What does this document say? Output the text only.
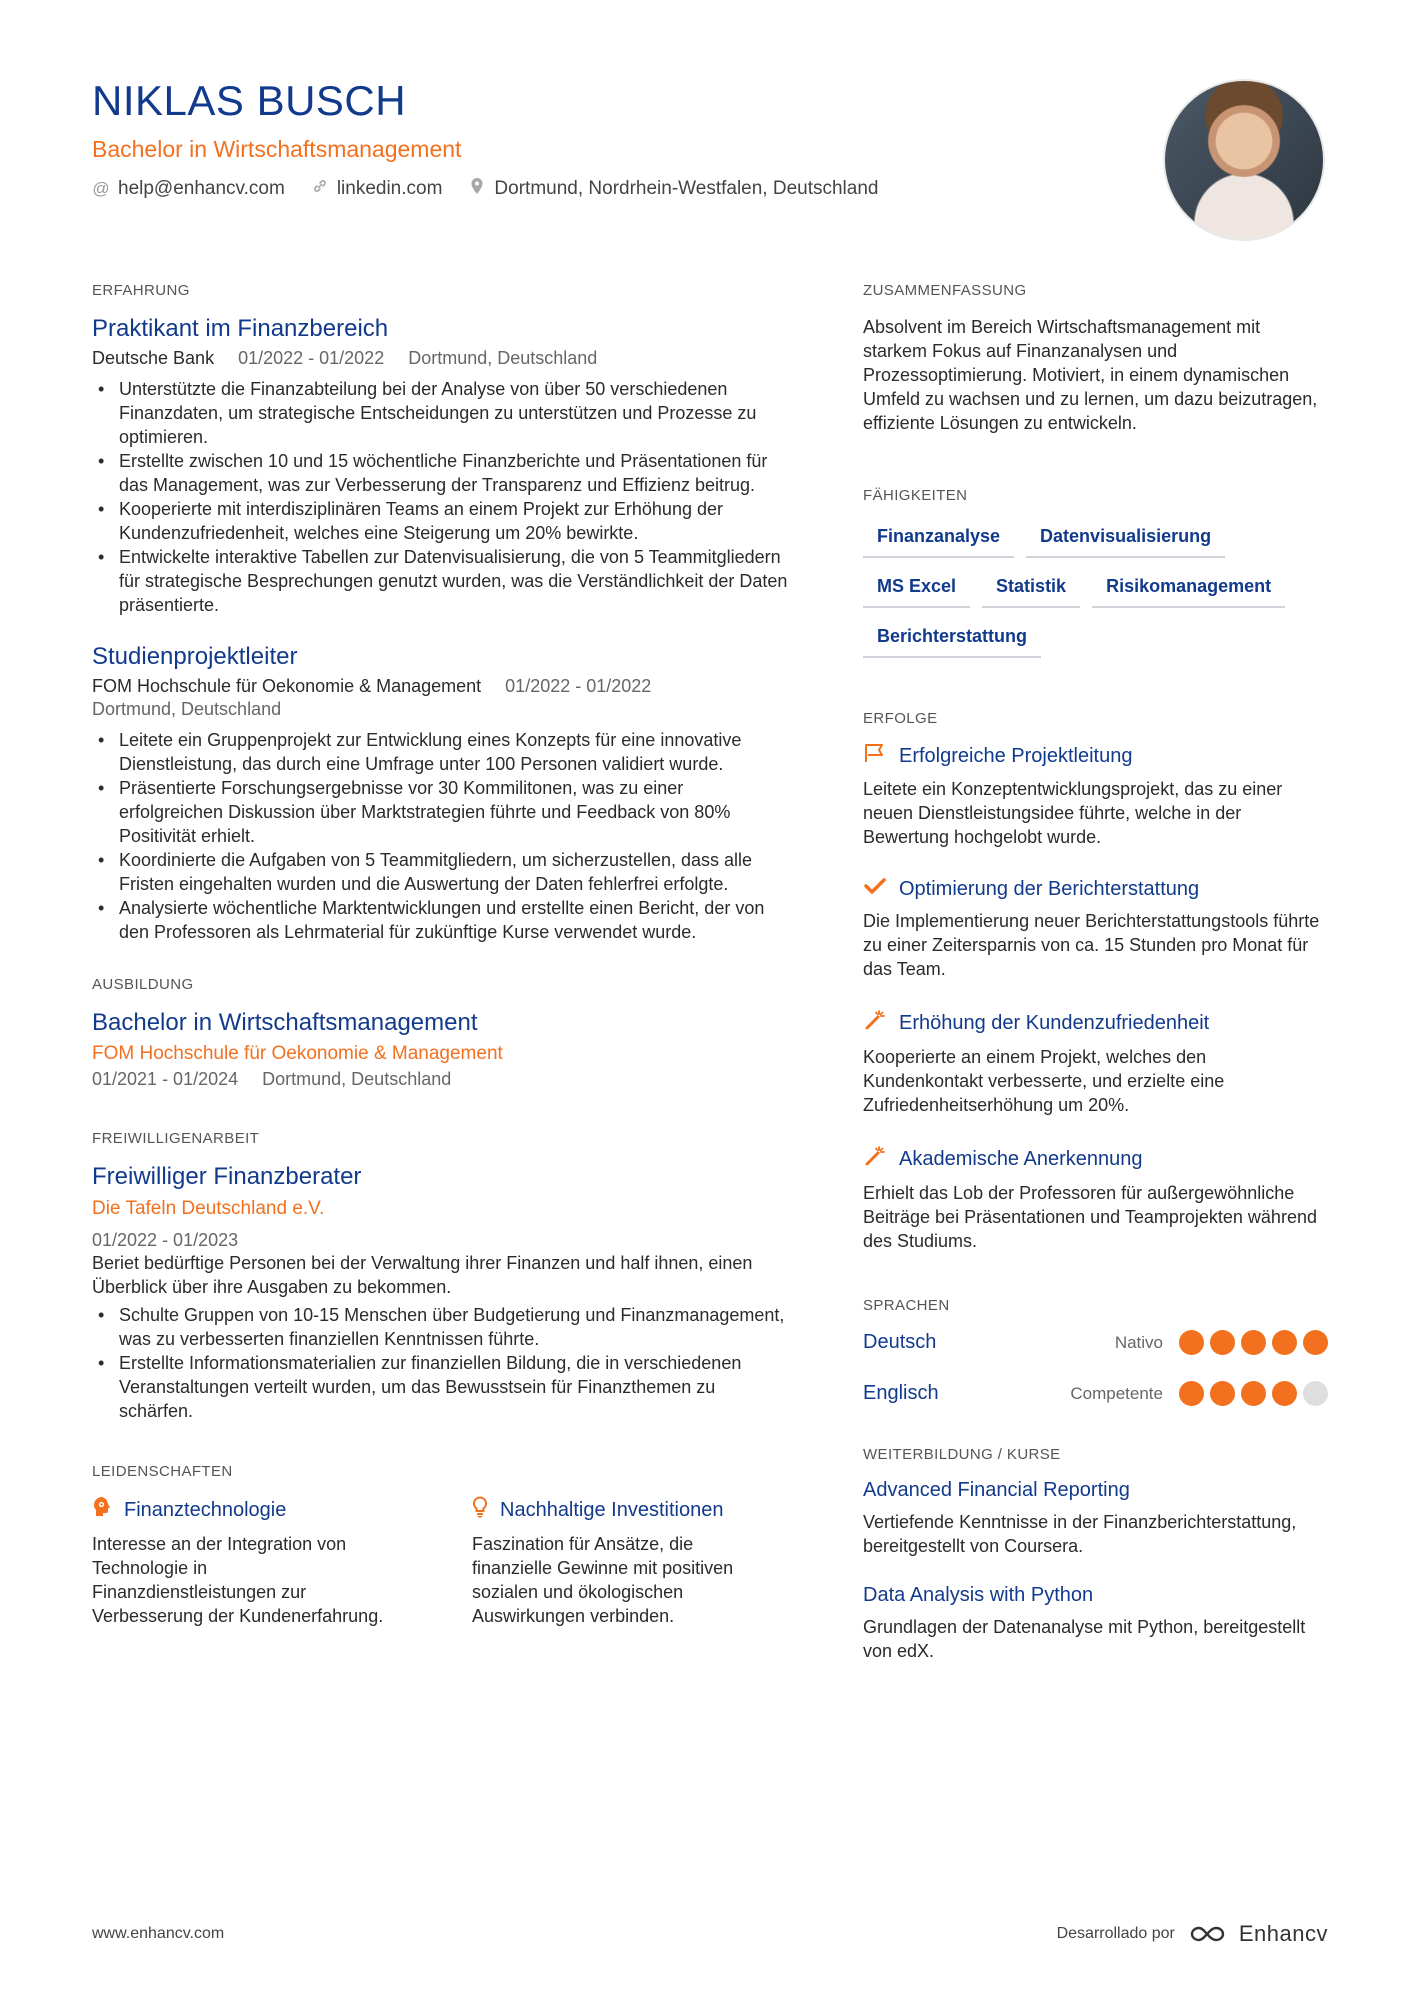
NIKLAS BUSCH
Bachelor in Wirtschaftsmanagement
@ help@enhancv.com	linkedin.com	Dortmund, Nordrhein-Westfalen, Deutschland
ERFAHRUNG
Praktikant im Finanzbereich
Deutsche Bank 01/2022 - 01/2022 Dortmund, Deutschland
• Unterstützte die Finanzabteilung bei der Analyse von über 50 verschiedenen Finanzdaten, um strategische Entscheidungen zu unterstützen und Prozesse zu optimieren.
• Erstellte zwischen 10 und 15 wöchentliche Finanzberichte und Präsentationen für das Management, was zur Verbesserung der Transparenz und Effizienz beitrug.
• Kooperierte mit interdisziplinären Teams an einem Projekt zur Erhöhung der Kundenzufriedenheit, welches eine Steigerung um 20% bewirkte.
• Entwickelte interaktive Tabellen zur Datenvisualisierung, die von 5 Teammitgliedern für strategische Besprechungen genutzt wurden, was die Verständlichkeit der Daten präsentierte.
Studienprojektleiter
FOM Hochschule für Oekonomie & Management 01/2022 - 01/2022
Dortmund, Deutschland
• Leitete ein Gruppenprojekt zur Entwicklung eines Konzepts für eine innovative Dienstleistung, das durch eine Umfrage unter 100 Personen validiert wurde.
• Präsentierte Forschungsergebnisse vor 30 Kommilitonen, was zu einer erfolgreichen Diskussion über Marktstrategien führte und Feedback von 80% Positivität erhielt.
• Koordinierte die Aufgaben von 5 Teammitgliedern, um sicherzustellen, dass alle Fristen eingehalten wurden und die Auswertung der Daten fehlerfrei erfolgte.
• Analysierte wöchentliche Marktentwicklungen und erstellte einen Bericht, der von den Professoren als Lehrmaterial für zukünftige Kurse verwendet wurde.
AUSBILDUNG
Bachelor in Wirtschaftsmanagement
FOM Hochschule für Oekonomie & Management
01/2021 - 01/2024 Dortmund, Deutschland
FREIWILLIGENARBEIT
Freiwilliger Finanzberater
Die Tafeln Deutschland e.V.
01/2022 - 01/2023
Beriet bedürftige Personen bei der Verwaltung ihrer Finanzen und half ihnen, einen Überblick über ihre Ausgaben zu bekommen.
• Schulte Gruppen von 10-15 Menschen über Budgetierung und Finanzmanagement, was zu verbesserten finanziellen Kenntnissen führte.
• Erstellte Informationsmaterialien zur finanziellen Bildung, die in verschiedenen Veranstaltungen verteilt wurden, um das Bewusstsein für Finanzthemen zu schärfen.
LEIDENSCHAFTEN
Finanztechnologie
Interesse an der Integration von Technologie in Finanzdienstleistungen zur Verbesserung der Kundenerfahrung.
Nachhaltige Investitionen
Faszination für Ansätze, die finanzielle Gewinne mit positiven sozialen und ökologischen Auswirkungen verbinden.
ZUSAMMENFASSUNG
Absolvent im Bereich Wirtschaftsmanagement mit starkem Fokus auf Finanzanalysen und Prozessoptimierung. Motiviert, in einem dynamischen Umfeld zu wachsen und zu lernen, um dazu beizutragen, effiziente Lösungen zu entwickeln.
FÄHIGKEITEN
Finanzanalyse	Datenvisualisierung
MS Excel	Statistik	Risikomanagement
Berichterstattung
ERFOLGE
Erfolgreiche Projektleitung
Leitete ein Konzeptentwicklungsprojekt, das zu einer neuen Dienstleistungsidee führte, welche in der Bewertung hochgelobt wurde.
Optimierung der Berichterstattung
Die Implementierung neuer Berichterstattungstools führte zu einer Zeitersparnis von ca. 15 Stunden pro Monat für das Team.
Erhöhung der Kundenzufriedenheit
Kooperierte an einem Projekt, welches den Kundenkontakt verbesserte, und erzielte eine Zufriedenheitserhöhung um 20%.
Akademische Anerkennung
Erhielt das Lob der Professoren für außergewöhnliche Beiträge bei Präsentationen und Teamprojekten während des Studiums.
SPRACHEN
Deutsch	Nativo
Englisch	Competente
WEITERBILDUNG / KURSE
Advanced Financial Reporting
Vertiefende Kenntnisse in der Finanzberichterstattung, bereitgestellt von Coursera.
Data Analysis with Python
Grundlagen der Datenanalyse mit Python, bereitgestellt von edX.
www.enhancv.com	Desarrollado por	Enhancv
